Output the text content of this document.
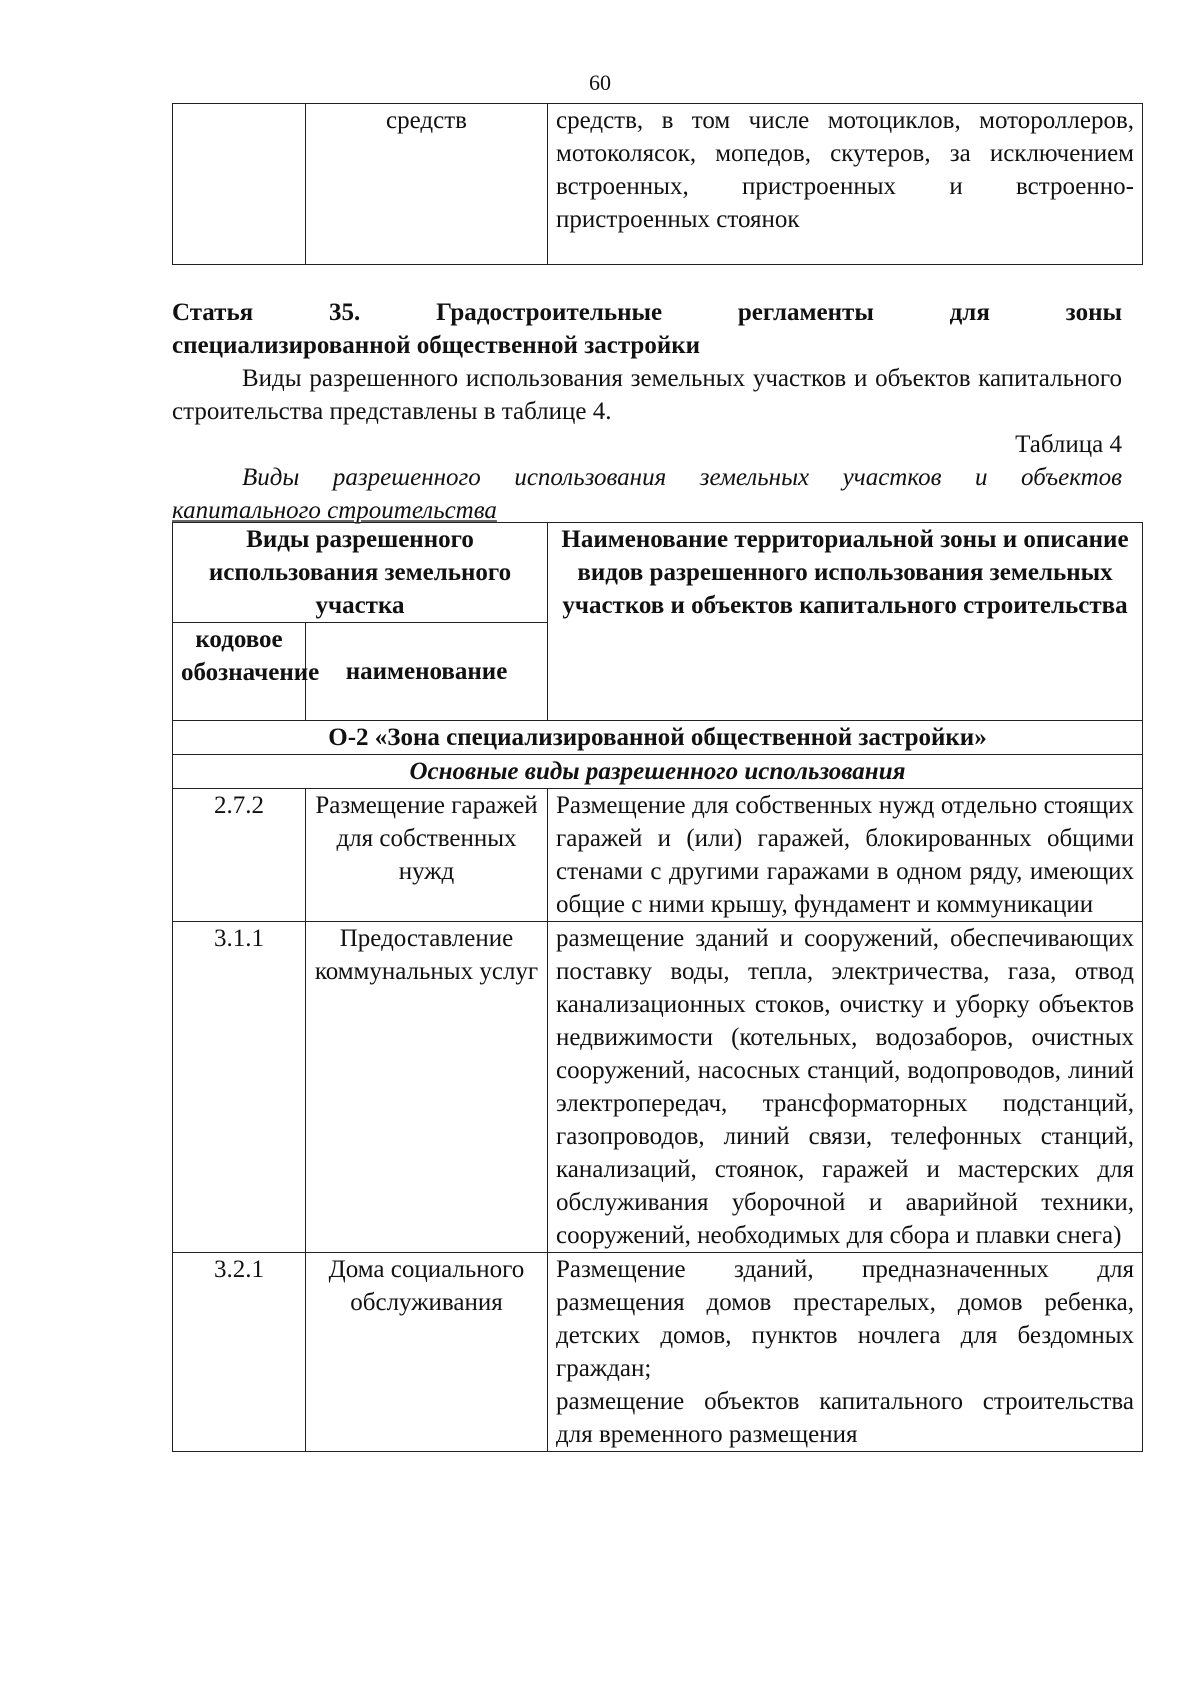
60
	средств	средств, в том числе мотоциклов, мотороллеров, мотоколясок, мопедов, скутеров, за исключением встроенных, пристроенных и встроенно-пристроенных стоянок
Статья 35. Градостроительные регламенты для зоны
специализированной общественной застройки
Виды разрешенного использования земельных участков и объектов капитального строительства представлены в таблице 4.
Таблица 4
Виды разрешенного использования земельных участков и объектов
капитального строительства
Виды разрешенного использования земельного участка		Наименование территориальной зоны и описание видов разрешенного использования земельных участков и объектов капитального строительства
кодовое обозначение	наименование	
О-2 «Зона специализированной общественной застройки»		
Основные виды разрешенного использования		
2.7.2	Размещение гаражей для собственных нужд	Размещение для собственных нужд отдельно стоящих гаражей и (или) гаражей, блокированных общими стенами с другими гаражами в одном ряду, имеющих общие с ними крышу, фундамент и коммуникации
3.1.1	Предоставление коммунальных услуг	размещение зданий и сооружений, обеспечивающих поставку воды, тепла, электричества, газа, отвод канализационных стоков, очистку и уборку объектов недвижимости (котельных, водозаборов, очистных сооружений, насосных станций, водопроводов, линий электропередач, трансформаторных подстанций, газопроводов, линий связи, телефонных станций, канализаций, стоянок, гаражей и мастерских для обслуживания уборочной и аварийной техники, сооружений, необходимых для сбора и плавки снега)
3.2.1	Дома социального обслуживания	Размещение зданий, предназначенных для размещения домов престарелых, домов ребенка, детских домов, пунктов ночлега для бездомных граждан;
размещение объектов капитального строительства для временного размещения
